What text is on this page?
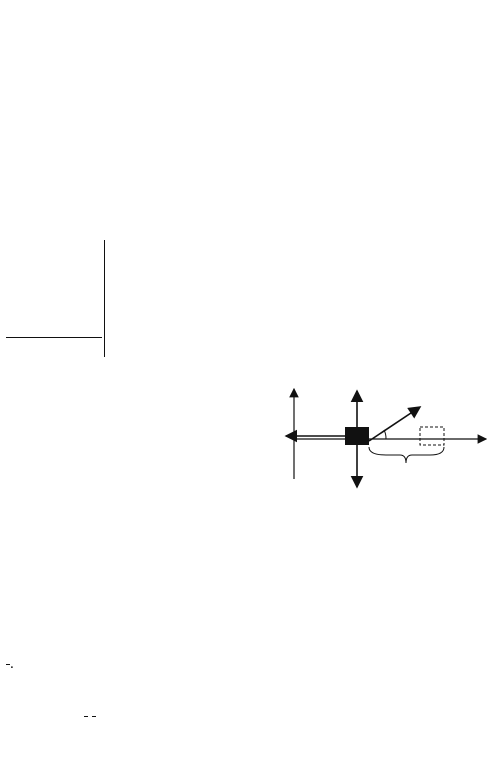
.
